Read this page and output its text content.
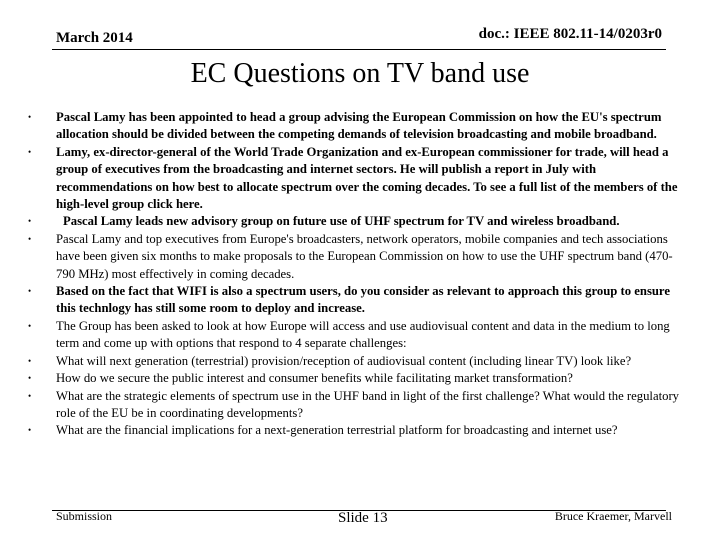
March 2014	doc.: IEEE 802.11-14/0203r0
EC Questions on TV band use
• Pascal Lamy has been appointed to head a group advising the European Commission on how the EU's spectrum allocation should be divided between the competing demands of television broadcasting and mobile broadband.
• Lamy, ex-director-general of the World Trade Organization and ex-European commissioner for trade, will head a group of executives from the broadcasting and internet sectors. He will publish a report in July with recommendations on how best to allocate spectrum over the coming decades. To see a full list of the members of the high-level group click here.
•	Pascal Lamy leads new advisory group on future use of UHF spectrum for TV and wireless broadband.
• Pascal Lamy and top executives from Europe's broadcasters, network operators, mobile companies and tech associations have been given six months to make proposals to the European Commission on how to use the UHF spectrum band (470-790 MHz) most effectively in coming decades.
• Based on the fact that WIFI is also a spectrum users, do you consider as relevant to approach this group to ensure this technlogy has still some room to deploy and increase.
• The Group has been asked to look at how Europe will access and use audiovisual content and data in the medium to long term and come up with options that respond to 4 separate challenges:
• What will next generation (terrestrial) provision/reception of audiovisual content (including linear TV) look like?
• How do we secure the public interest and consumer benefits while facilitating market transformation?
• What are the strategic elements of spectrum use in the UHF band in light of the first challenge? What would the regulatory role of the EU be in coordinating developments?
• What are the financial implications for a next-generation terrestrial platform for broadcasting and internet use?
Submission	Slide 13	Bruce Kraemer, Marvell
